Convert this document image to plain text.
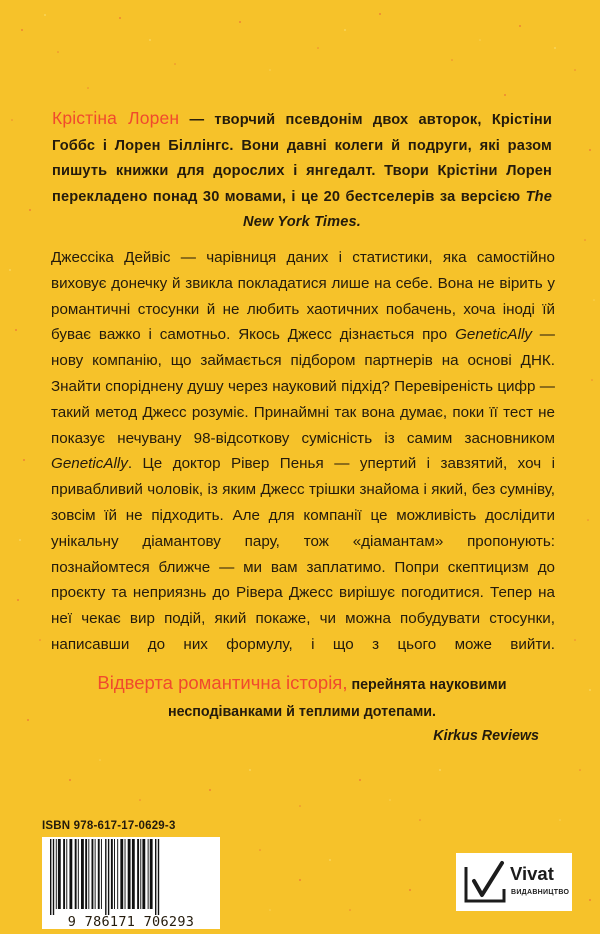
Крістіна Лорен — творчий псевдонім двох авторок, Крістіни Гоббс і Лорен Біллінгс. Вони давні колеги й подруги, які разом пишуть книжки для дорослих і янгедалт. Твори Крістіни Лорен перекладено понад 30 мовами, і це 20 бестселерів за версією The New York Times.
Джессіка Дейвіс — чарівниця даних і статистики, яка самостійно виховує донечку й звикла покладатися лише на себе. Вона не вірить у романтичні стосунки й не любить хаотичних побачень, хоча іноді їй буває важко і самотньо. Якось Джесс дізнається про GeneticAlly — нову компанію, що займається підбором партнерів на основі ДНК. Знайти споріднену душу через науковий підхід? Перевіреність цифр — такий метод Джесс розуміє. Принаймні так вона думає, поки її тест не показує нечувану 98-відсоткову сумісність із самим засновником GeneticAlly. Це доктор Рівер Пенья — упертий і завзятий, хоч і привабливий чоловік, із яким Джесс трішки знайома і який, без сумніву, зовсім їй не підходить. Але для компанії це можливість дослідити унікальну діамантову пару, тож «діамантам» пропонують: познайомтеся ближче — ми вам заплатимо. Попри скептицизм до проєкту та неприязнь до Рівера Джесс вирішує погодитися. Тепер на неї чекає вир подій, який покаже, чи можна побудувати стосунки, написавши до них формулу, і що з цього може вийти.
Відверта романтична історія, перейнята науковими несподіванками й теплими дотепами.
Kirkus Reviews
ISBN 978-617-17-0629-3
9 786171 706293
Vivat
ВИДАВНИЦТВО
